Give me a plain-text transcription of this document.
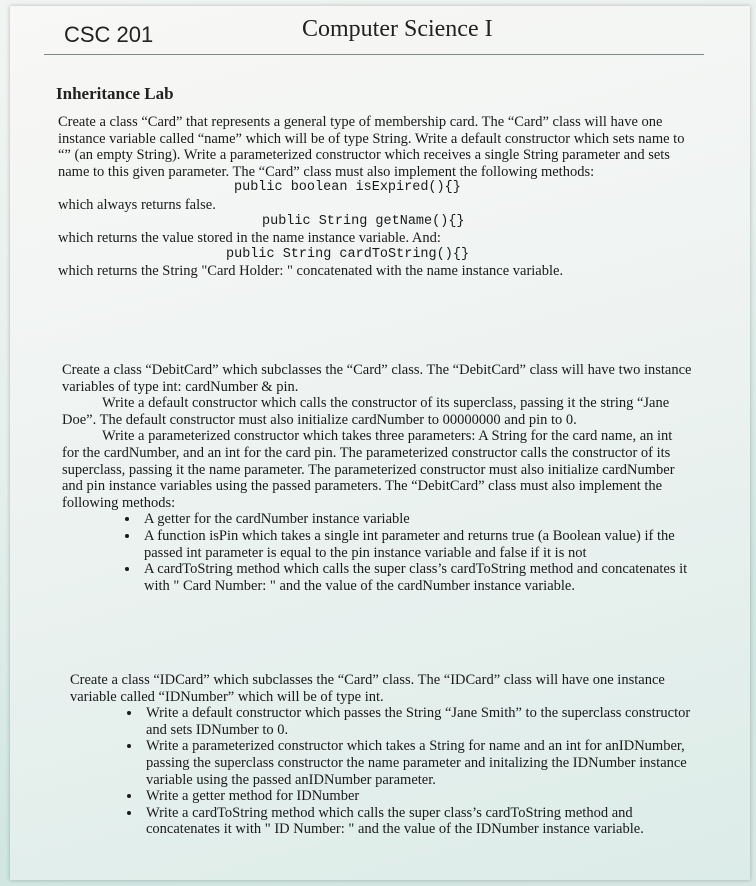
CSC 201	Computer Science I
Inheritance Lab

Create a class “Card” that represents a general type of membership card. The “Card” class will have one instance variable called “name” which will be of type String. Write a default constructor which sets name to “” (an empty String). Write a parameterized constructor which receives a single String parameter and sets name to this given parameter. The “Card” class must also implement the following methods:

public boolean isExpired(){}

which always returns false.

public String getName(){}

which returns the value stored in the name instance variable. And:

public String cardToString(){}

which returns the String "Card Holder: " concatenated with the name instance variable.

Create a class “DebitCard” which subclasses the “Card” class. The “DebitCard” class will have two instance variables of type int: cardNumber & pin.

Write a default constructor which calls the constructor of its superclass, passing it the string “Jane Doe”. The default constructor must also initialize cardNumber to 00000000 and pin to 0.

Write a parameterized constructor which takes three parameters: A String for the card name, an int for the cardNumber, and an int for the card pin. The parameterized constructor calls the constructor of its superclass, passing it the name parameter. The parameterized constructor must also initialize cardNumber and pin instance variables using the passed parameters. The “DebitCard” class must also implement the following methods:

• A getter for the cardNumber instance variable
• A function isPin which takes a single int parameter and returns true (a Boolean value) if the passed int parameter is equal to the pin instance variable and false if it is not
• A cardToString method which calls the super class’s cardToString method and concatenates it with " Card Number: " and the value of the cardNumber instance variable.

Create a class “IDCard” which subclasses the “Card” class. The “IDCard” class will have one instance variable called “IDNumber” which will be of type int.

• Write a default constructor which passes the String “Jane Smith” to the superclass constructor and sets IDNumber to 0.
• Write a parameterized constructor which takes a String for name and an int for anIDNumber, passing the superclass constructor the name parameter and initalizing the IDNumber instance variable using the passed anIDNumber parameter.
• Write a getter method for IDNumber
• Write a cardToString method which calls the super class’s cardToString method and concatenates it with " ID Number: " and the value of the IDNumber instance variable.
